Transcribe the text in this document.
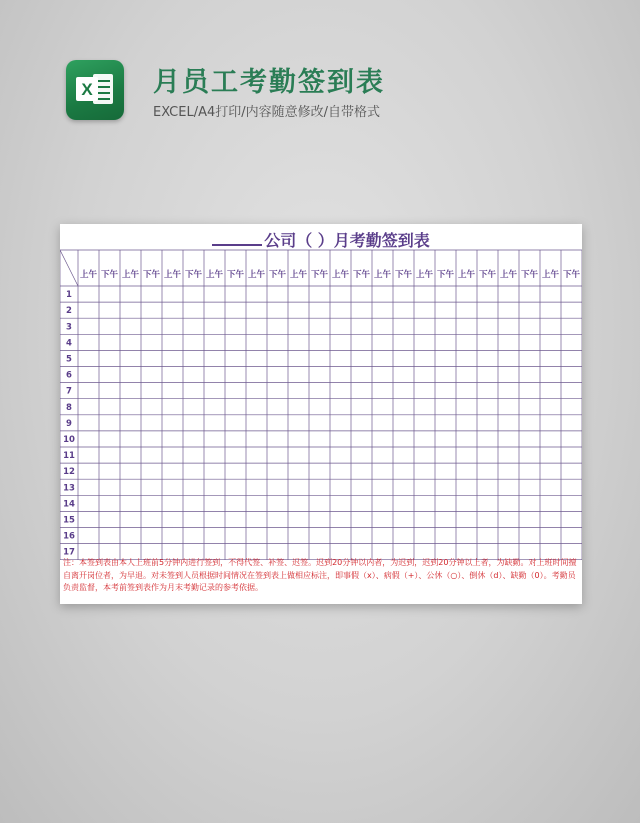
X 月员工考勤签到表
EXCEL/A4打印/内容随意修改/自带格式
公司（ ）月考勤签到表
上午 下午 上午 下午 上午 下午 上午 下午 上午 下午 上午 下午 上午 下午 上午 下午 上午 下午 上午 下午 上午 下午 上午 下午
1
2
3
4
5
6
7
8
9
10
11
12
13
14
15
16
17
注：本签到表由本人上班前5分钟内进行签到，不得代签、补签、迟签。迟到20分钟以内者，为迟到，迟到20分钟以上者，为缺勤。对上班时间擅自离开岗位者，为早退。对未签到人员根据时间情况在签到表上做相应标注，即事假（x）、病假（+）、公休（○）、倒休（d）、缺勤（0）。考勤员负责监督，本考前签到表作为月末考勤记录的参考依据。
